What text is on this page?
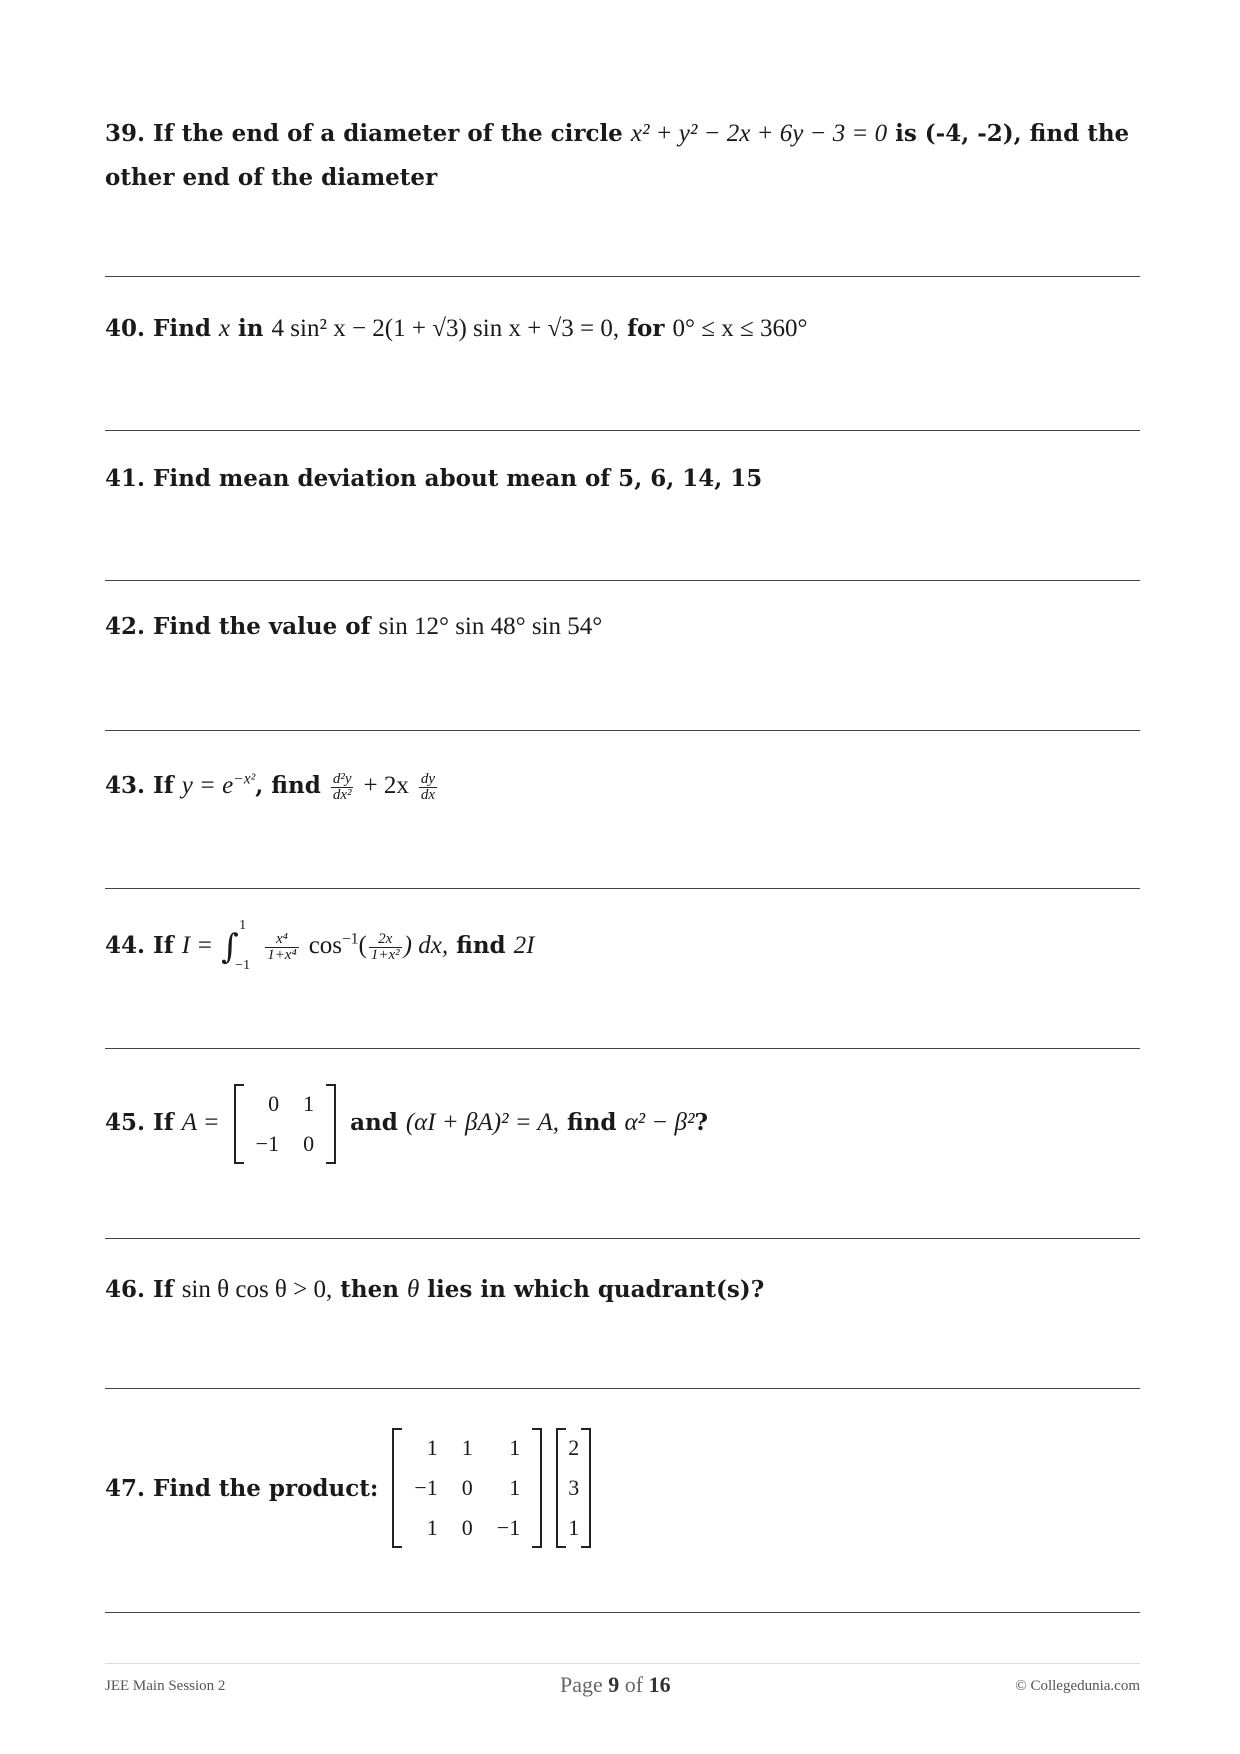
39. If the end of a diameter of the circle x² + y² − 2x + 6y − 3 = 0 is (-4, -2), find the other end of the diameter
40. Find x in 4 sin² x − 2(1 + √3) sin x + √3 = 0, for 0° ≤ x ≤ 360°
41. Find mean deviation about mean of 5, 6, 14, 15
42. Find the value of sin 12° sin 48° sin 54°
43. If $y = e^{-x^2}$, find $\frac{\text{d²y}}{\text{dx²}} + 2x \frac{dy}{dx}$
44. If I = ∫
1
−1

$\frac{\text{x⁴}}{\text{1+x⁴}} \cos^{-1}( \frac{2x}{\text{1+x²}}$ ) dx, find 2I
45. If A =
0	1
−1	0
and (αI + βA)² = A, find α² − β²?
46. If sin θ cos θ > 0, then θ lies in which quadrant(s)?
47. Find the product:
1	1	1
−1	0	1
1	0	−1

2
3
1
JEE Main Session 2	Page 9 of 16	© Collegedunia.com
